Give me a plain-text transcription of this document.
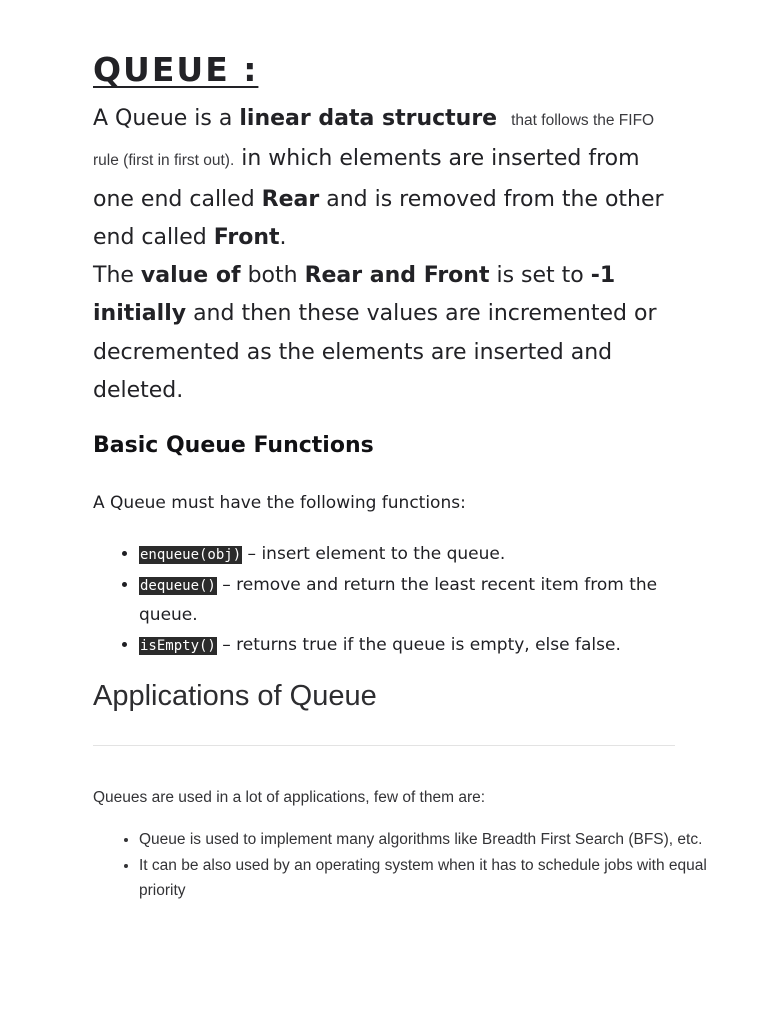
QUEUE :

A Queue is a linear data structure that follows the FIFO rule (first in first out). in which elements are inserted from one end called Rear and is removed from the other end called Front.
The value of both Rear and Front is set to -1 initially and then these values are incremented or decremented as the elements are inserted and deleted.

Basic Queue Functions

A Queue must have the following functions:

• enqueue(obj) – insert element to the queue.
• dequeue() – remove and return the least recent item from the queue.
• isEmpty() – returns true if the queue is empty, else false.
Applications of Queue

Queues are used in a lot of applications, few of them are:

• Queue is used to implement many algorithms like Breadth First Search (BFS), etc.
• It can be also used by an operating system when it has to schedule jobs with equal priority
